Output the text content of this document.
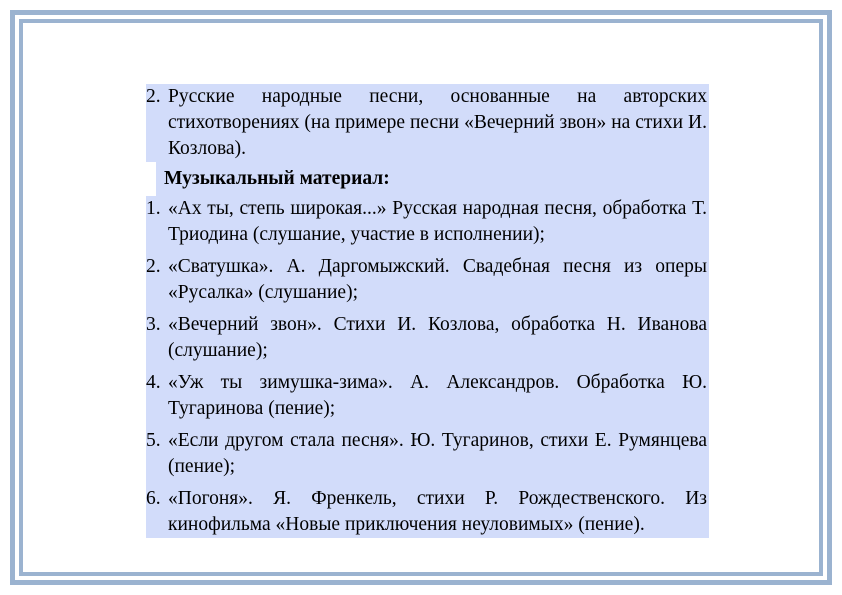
2. Русские народные песни, основанные на авторских стихотворениях (на примере песни «Вечерний звон» на стихи И. Козлова).
Музыкальный материал:
1. «Ах ты, степь широкая...» Русская народная песня, обработка Т. Триодина (слушание, участие в исполнении);
2. «Сватушка». А. Даргомыжский. Свадебная песня из оперы «Русалка» (слушание);
3. «Вечерний звон». Стихи И. Козлова, обработка Н. Иванова (слушание);
4. «Уж ты зимушка-зима». А. Александров. Обработка Ю. Тугаринова (пение);
5. «Если другом стала песня». Ю. Тугаринов, стихи Е. Румянцева (пение);
6. «Погоня». Я. Френкель, стихи Р. Рождественского. Из кинофильма «Новые приключения неуловимых» (пение).
